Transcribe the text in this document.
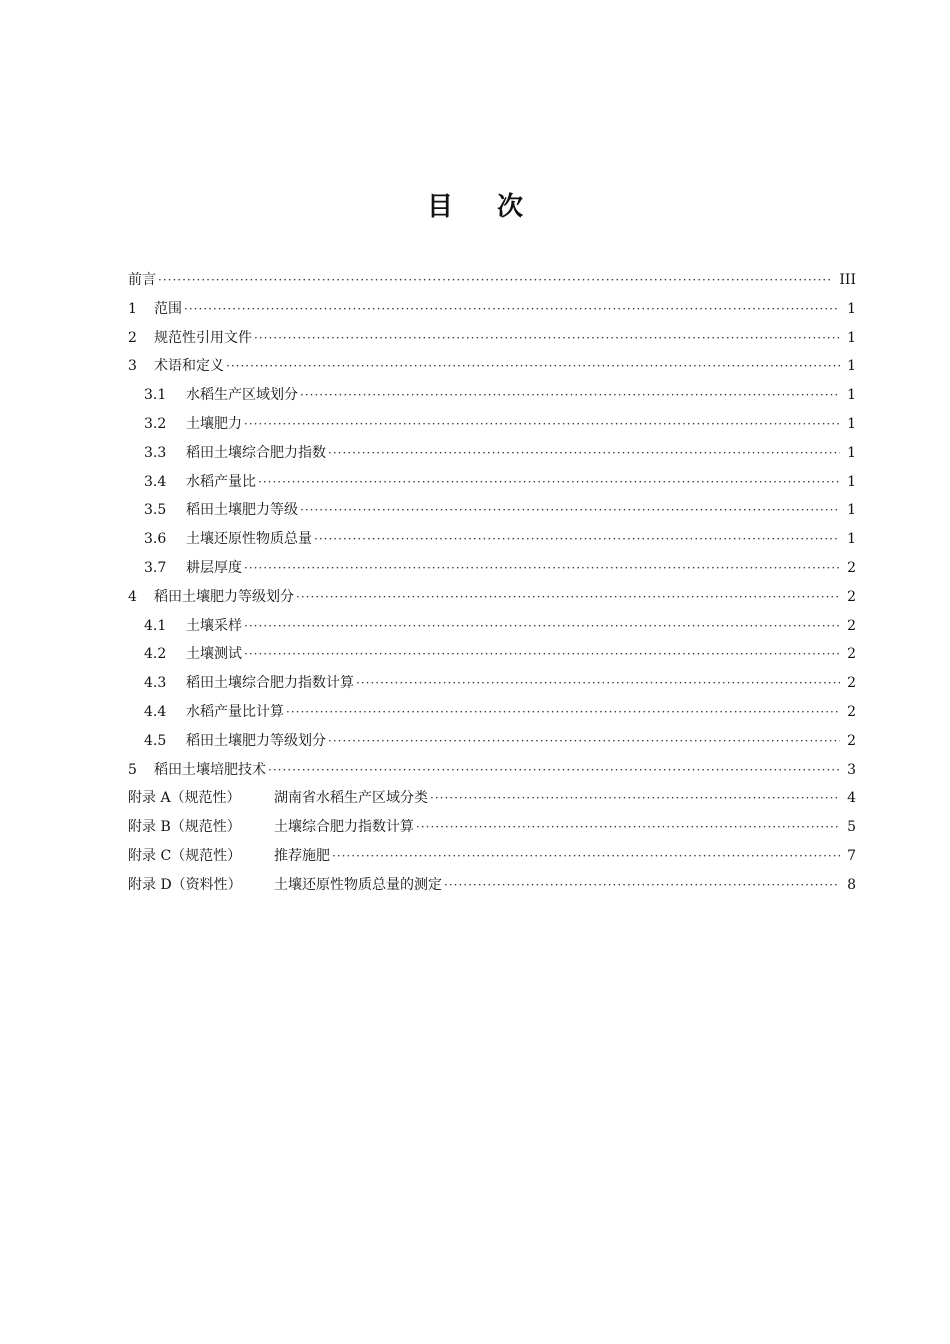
目 次
前言 ·····	III
1	范围 ·····	1
2	规范性引用文件 ·····	1
3	术语和定义 ·····	1
3.1	水稻生产区域划分 ·····	1
3.2	土壤肥力 ·····	1
3.3	稻田土壤综合肥力指数 ·····	1
3.4	水稻产量比 ·····	1
3.5	稻田土壤肥力等级 ·····	1
3.6	土壤还原性物质总量 ·····	1
3.7	耕层厚度 ·····	2
4	稻田土壤肥力等级划分 ·····	2
4.1	土壤采样 ·····	2
4.2	土壤测试 ·····	2
4.3	稻田土壤综合肥力指数计算 ·····	2
4.4	水稻产量比计算 ·····	2
4.5	稻田土壤肥力等级划分 ·····	2
5	稻田土壤培肥技术 ·····	3
附录 A（规范性）	湖南省水稻生产区域分类 ·····	4
附录 B（规范性）	土壤综合肥力指数计算 ·····	5
附录 C（规范性）	推荐施肥 ·····	7
附录 D（资料性）	土壤还原性物质总量的测定 ·····	8
